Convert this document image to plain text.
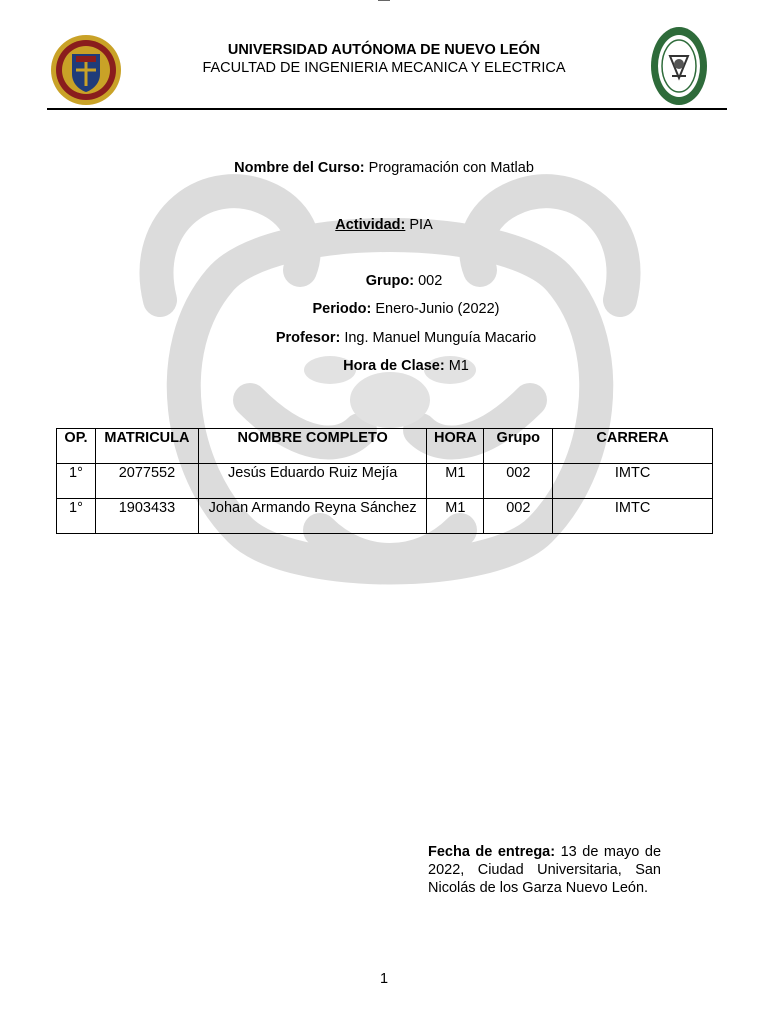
UNIVERSIDAD AUTÓNOMA DE NUEVO LEÓN
FACULTAD DE INGENIERIA MECANICA Y ELECTRICA
Nombre del Curso: Programación con Matlab
Actividad: PIA
Grupo: 002
Periodo: Enero-Junio (2022)
Profesor: Ing. Manuel Munguía Macario
Hora de Clase: M1
OP.	MATRICULA	NOMBRE COMPLETO	HORA	Grupo	CARRERA
1°	2077552	Jesús Eduardo Ruiz Mejía	M1	002	IMTC
1°	1903433	Johan Armando Reyna Sánchez	M1	002	IMTC
Fecha de entrega: 13 de mayo de 2022, Ciudad Universitaria, San Nicolás de los Garza Nuevo León.
1
